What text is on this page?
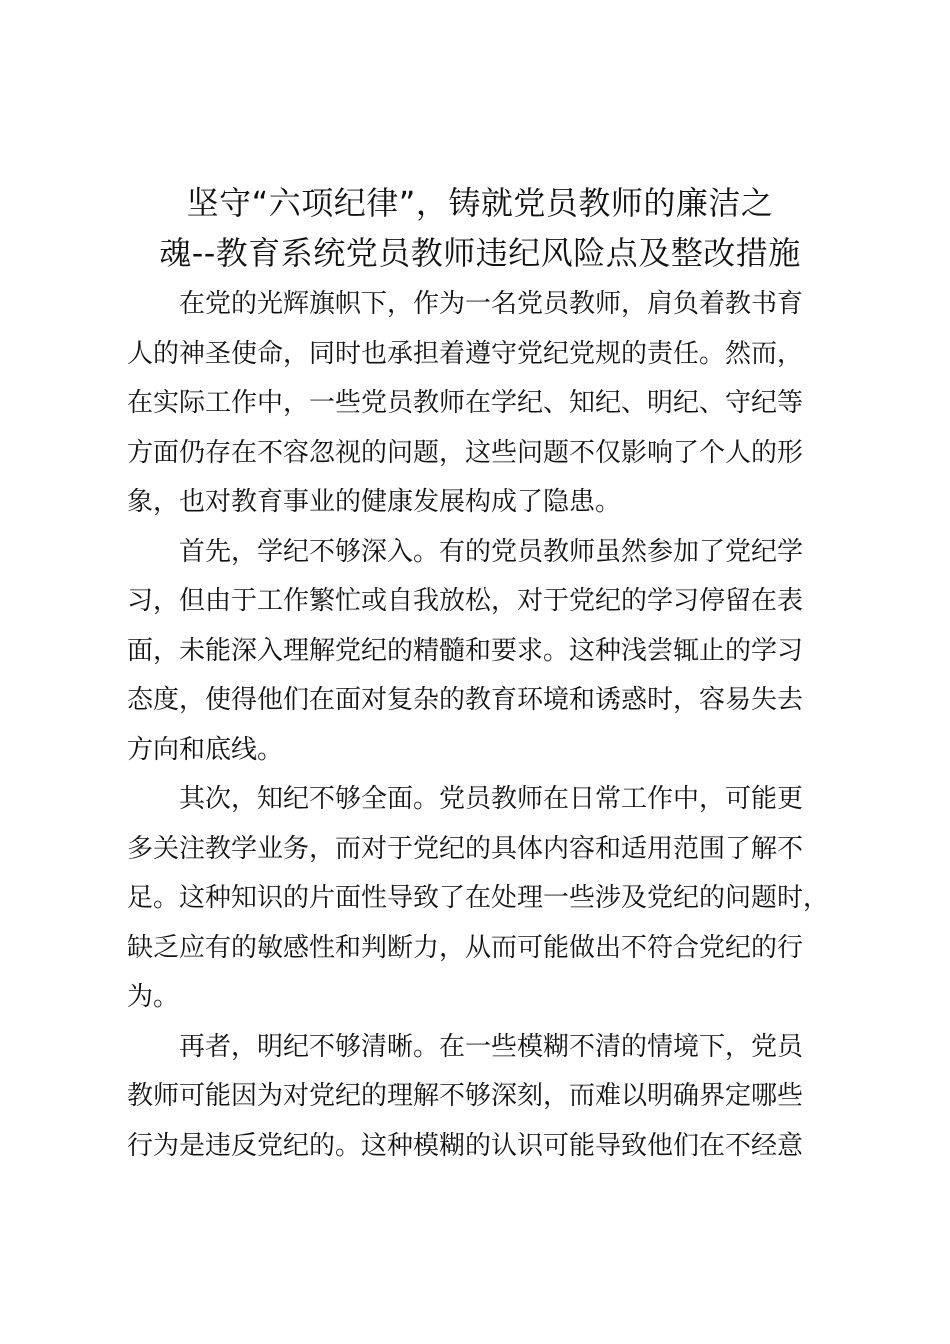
坚守“六项纪律”，铸就党员教师的廉洁之
魂--教育系统党员教师违纪风险点及整改措施

在党的光辉旗帜下，作为一名党员教师，肩负着教书育
人的神圣使命，同时也承担着遵守党纪党规的责任。然而，
在实际工作中，一些党员教师在学纪、知纪、明纪、守纪等
方面仍存在不容忽视的问题，这些问题不仅影响了个人的形
象，也对教育事业的健康发展构成了隐患。

首先，学纪不够深入。有的党员教师虽然参加了党纪学
习，但由于工作繁忙或自我放松，对于党纪的学习停留在表
面，未能深入理解党纪的精髓和要求。这种浅尝辄止的学习
态度，使得他们在面对复杂的教育环境和诱惑时，容易失去
方向和底线。

其次，知纪不够全面。党员教师在日常工作中，可能更
多关注教学业务，而对于党纪的具体内容和适用范围了解不
足。这种知识的片面性导致了在处理一些涉及党纪的问题时，
缺乏应有的敏感性和判断力，从而可能做出不符合党纪的行
为。

再者，明纪不够清晰。在一些模糊不清的情境下，党员
教师可能因为对党纪的理解不够深刻，而难以明确界定哪些
行为是违反党纪的。这种模糊的认识可能导致他们在不经意
